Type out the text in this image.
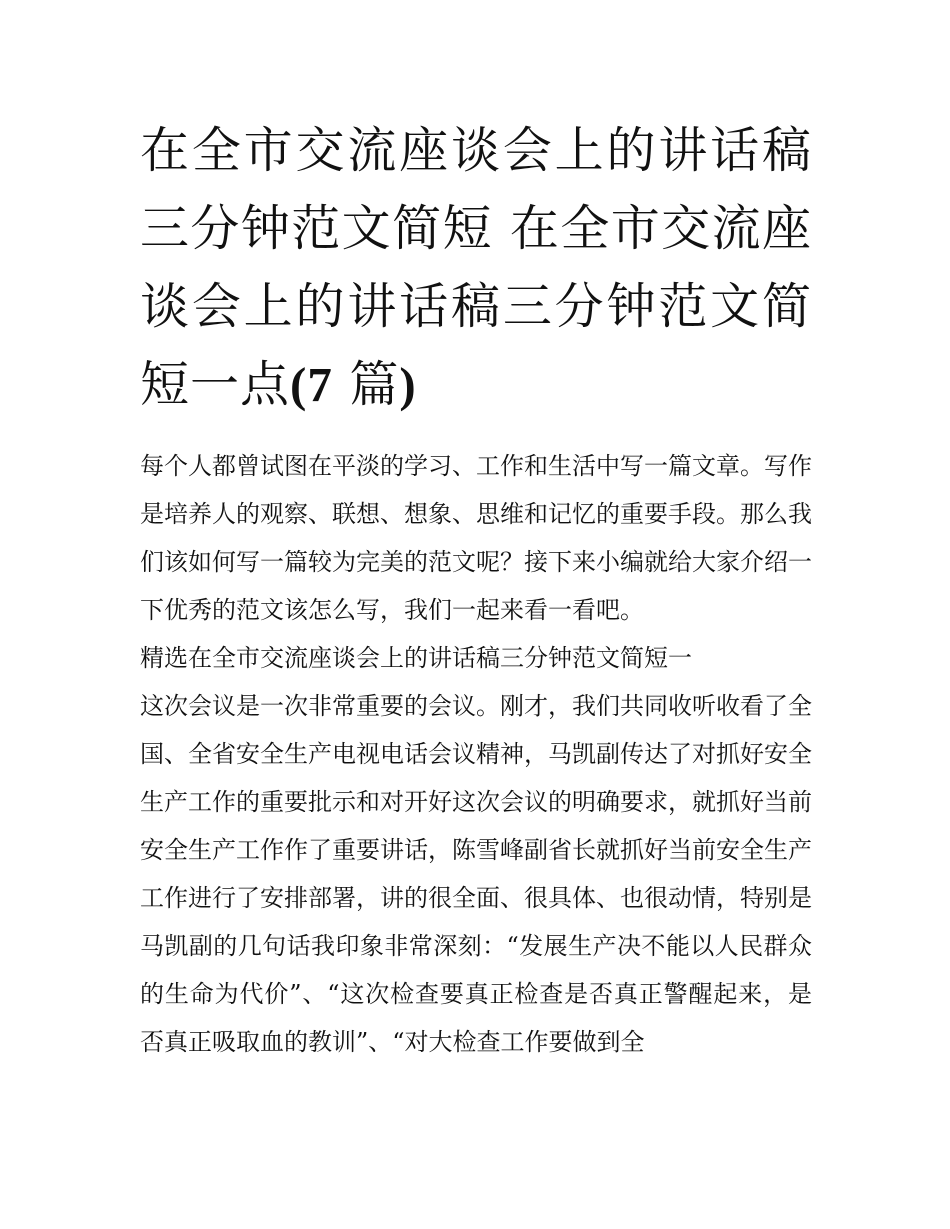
在全市交流座谈会上的讲话稿三分钟范文简短 在全市交流座谈会上的讲话稿三分钟范文简短一点(7 篇)

每个人都曾试图在平淡的学习、工作和生活中写一篇文章。写作是培养人的观察、联想、想象、思维和记忆的重要手段。那么我们该如何写一篇较为完美的范文呢？接下来小编就给大家介绍一下优秀的范文该怎么写，我们一起来看一看吧。

精选在全市交流座谈会上的讲话稿三分钟范文简短一

这次会议是一次非常重要的会议。刚才，我们共同收听收看了全国、全省安全生产电视电话会议精神，马凯副传达了对抓好安全生产工作的重要批示和对开好这次会议的明确要求，就抓好当前安全生产工作作了重要讲话，陈雪峰副省长就抓好当前安全生产工作进行了安排部署，讲的很全面、很具体、也很动情，特别是马凯副的几句话我印象非常深刻：“发展生产决不能以人民群众的生命为代价”、“这次检查要真正检查是否真正警醒起来，是否真正吸取血的教训”、“对大检查工作要做到全
